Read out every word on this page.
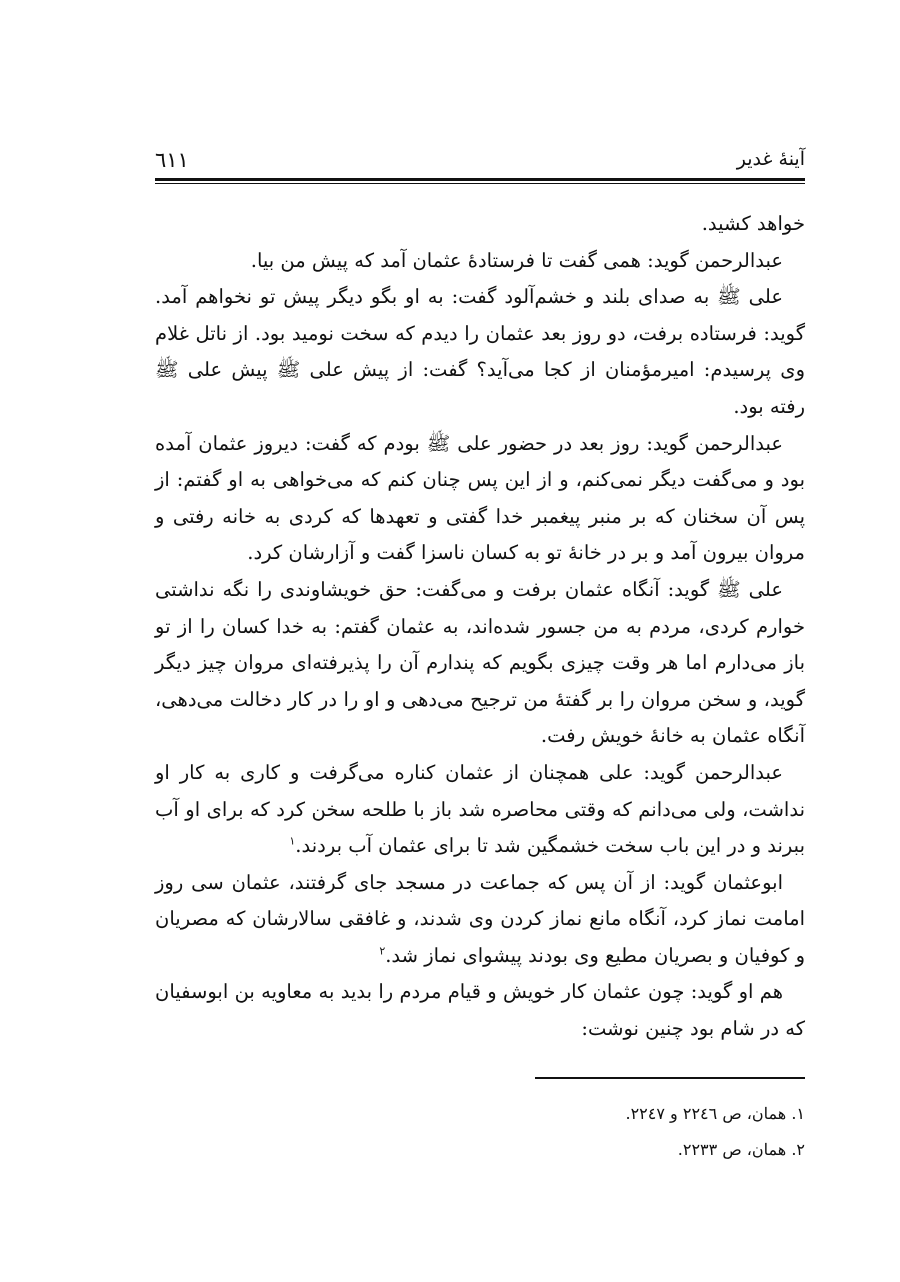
آینهٔ غدیر
٦١١

خواهد کشید.

عبدالرحمن گوید: همی گفت تا فرستادهٔ عثمان آمد که پیش من بیا.

علی ﷺ به صدای بلند و خشم‌آلود گفت: به او بگو دیگر پیش تو نخواهم آمد. گوید: فرستاده برفت، دو روز بعد عثمان را دیدم که سخت نومید بود. از ناتل غلام وی پرسیدم: امیرمؤمنان از کجا می‌آید؟ گفت: از پیش علی ﷺ پیش علی ﷺ رفته بود.

عبدالرحمن گوید: روز بعد در حضور علی ﷺ بودم که گفت: دیروز عثمان آمده بود و می‌گفت دیگر نمی‌کنم، و از این پس چنان کنم که می‌خواهی به او گفتم: از پس آن سخنان که بر منبر پیغمبر خدا گفتی و تعهدها که کردی به خانه رفتی و مروان بیرون آمد و بر در خانهٔ تو به کسان ناسزا گفت و آزارشان کرد.

علی ﷺ گوید: آنگاه عثمان برفت و می‌گفت: حق خویشاوندی را نگه نداشتی خوارم کردی، مردم به من جسور شده‌اند، به عثمان گفتم: به خدا کسان را از تو باز می‌دارم اما هر وقت چیزی بگویم که پندارم آن را پذیرفته‌ای مروان چیز دیگر گوید، و سخن مروان را بر گفتهٔ من ترجیح می‌دهی و او را در کار دخالت می‌دهی، آنگاه عثمان به خانهٔ خویش رفت.

عبدالرحمن گوید: علی همچنان از عثمان کناره می‌گرفت و کاری به کار او نداشت، ولی می‌دانم که وقتی محاصره شد باز با طلحه سخن کرد که برای او آب ببرند و در این باب سخت خشمگین شد تا برای عثمان آب بردند.$^١$

ابوعثمان گوید: از آن پس که جماعت در مسجد جای گرفتند، عثمان سی روز امامت نماز کرد، آنگاه مانع نماز کردن وی شدند، و غافقی سالارشان که مصریان و کوفیان و بصریان مطیع وی بودند پیشوای نماز شد.$^٢$

هم او گوید: چون عثمان کار خویش و قیام مردم را بدید به معاویه بن ابوسفیان که در شام بود چنین نوشت:

١. همان، ص ٢٢٤٦ و ٢٢٤٧.

٢. همان، ص ٢٢٣٣.
